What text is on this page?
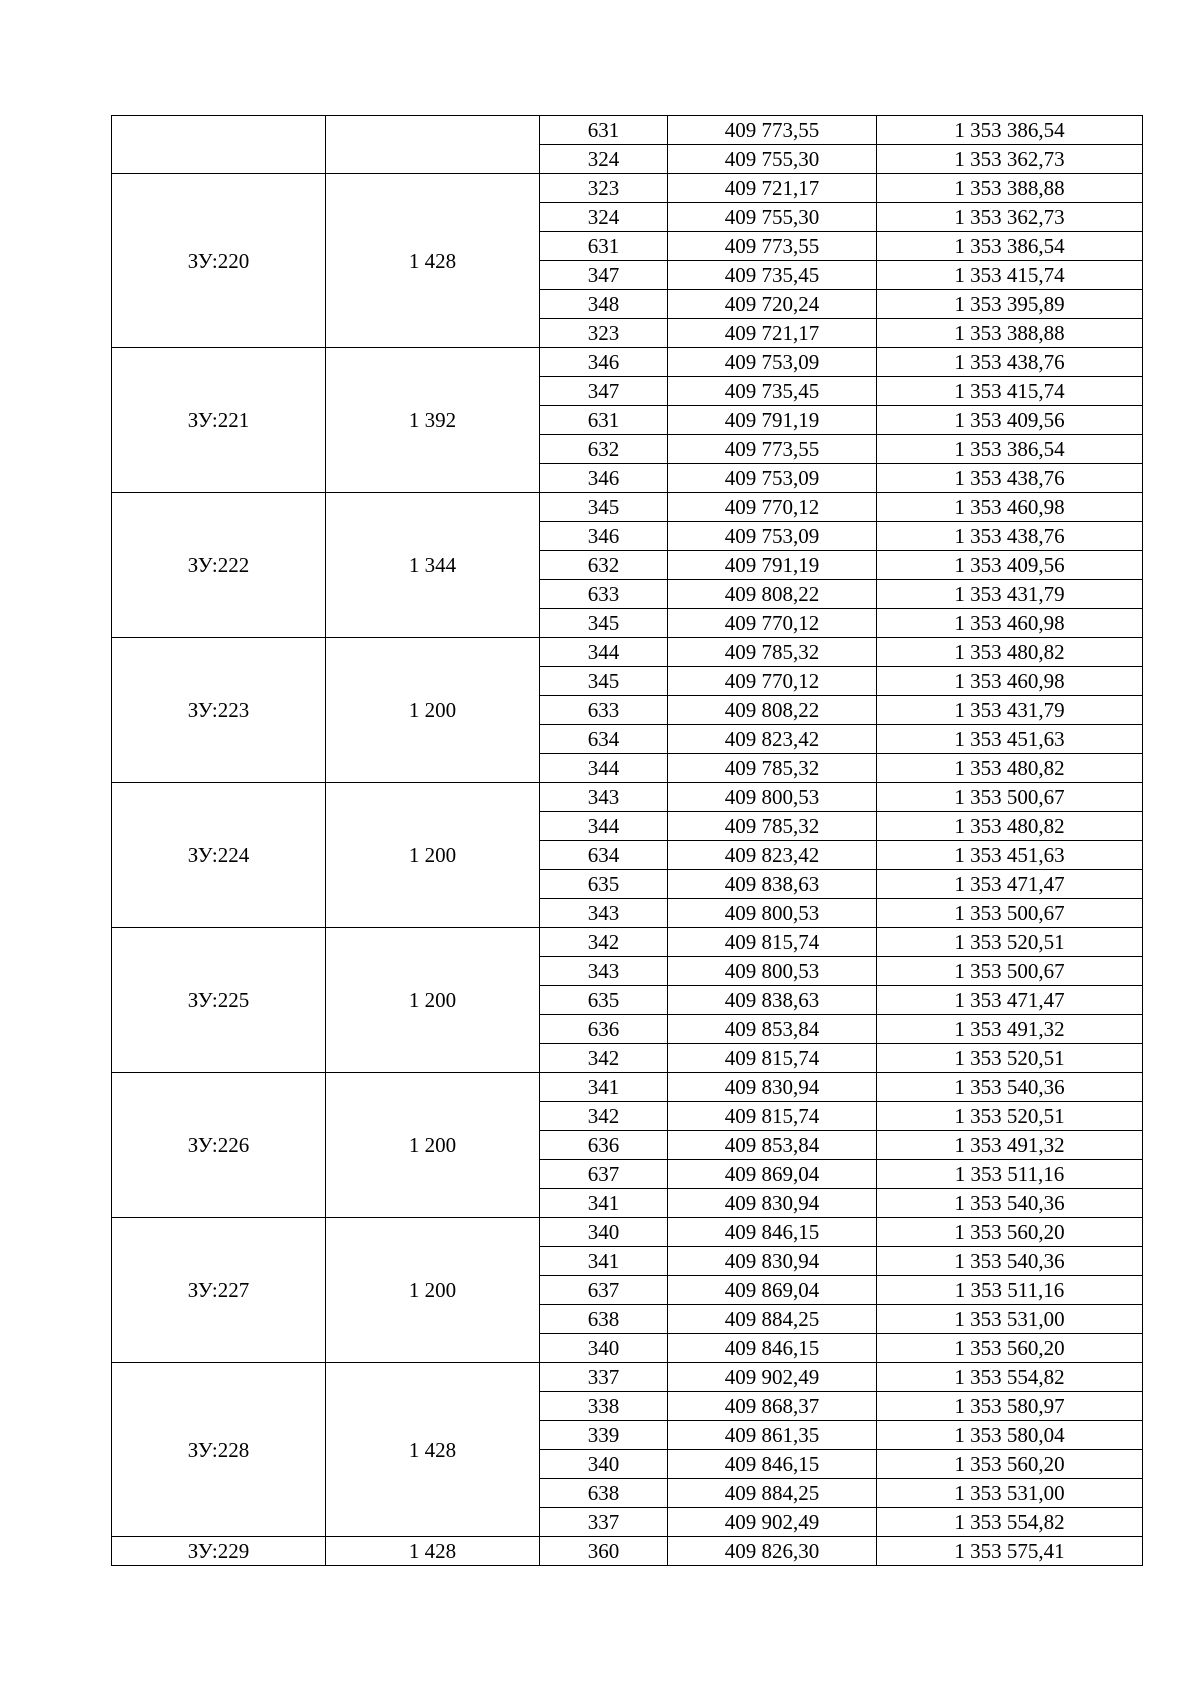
		631	409 773,55	1 353 386,54
		324	409 755,30	1 353 362,73
ЗУ:220	1 428	323	409 721,17	1 353 388,88
		324	409 755,30	1 353 362,73
		631	409 773,55	1 353 386,54
		347	409 735,45	1 353 415,74
		348	409 720,24	1 353 395,89
		323	409 721,17	1 353 388,88
ЗУ:221	1 392	346	409 753,09	1 353 438,76
		347	409 735,45	1 353 415,74
		631	409 791,19	1 353 409,56
		632	409 773,55	1 353 386,54
		346	409 753,09	1 353 438,76
ЗУ:222	1 344	345	409 770,12	1 353 460,98
		346	409 753,09	1 353 438,76
		632	409 791,19	1 353 409,56
		633	409 808,22	1 353 431,79
		345	409 770,12	1 353 460,98
ЗУ:223	1 200	344	409 785,32	1 353 480,82
		345	409 770,12	1 353 460,98
		633	409 808,22	1 353 431,79
		634	409 823,42	1 353 451,63
		344	409 785,32	1 353 480,82
ЗУ:224	1 200	343	409 800,53	1 353 500,67
		344	409 785,32	1 353 480,82
		634	409 823,42	1 353 451,63
		635	409 838,63	1 353 471,47
		343	409 800,53	1 353 500,67
ЗУ:225	1 200	342	409 815,74	1 353 520,51
		343	409 800,53	1 353 500,67
		635	409 838,63	1 353 471,47
		636	409 853,84	1 353 491,32
		342	409 815,74	1 353 520,51
ЗУ:226	1 200	341	409 830,94	1 353 540,36
		342	409 815,74	1 353 520,51
		636	409 853,84	1 353 491,32
		637	409 869,04	1 353 511,16
		341	409 830,94	1 353 540,36
ЗУ:227	1 200	340	409 846,15	1 353 560,20
		341	409 830,94	1 353 540,36
		637	409 869,04	1 353 511,16
		638	409 884,25	1 353 531,00
		340	409 846,15	1 353 560,20
ЗУ:228	1 428	337	409 902,49	1 353 554,82
		338	409 868,37	1 353 580,97
		339	409 861,35	1 353 580,04
		340	409 846,15	1 353 560,20
		638	409 884,25	1 353 531,00
		337	409 902,49	1 353 554,82
ЗУ:229	1 428	360	409 826,30	1 353 575,41
